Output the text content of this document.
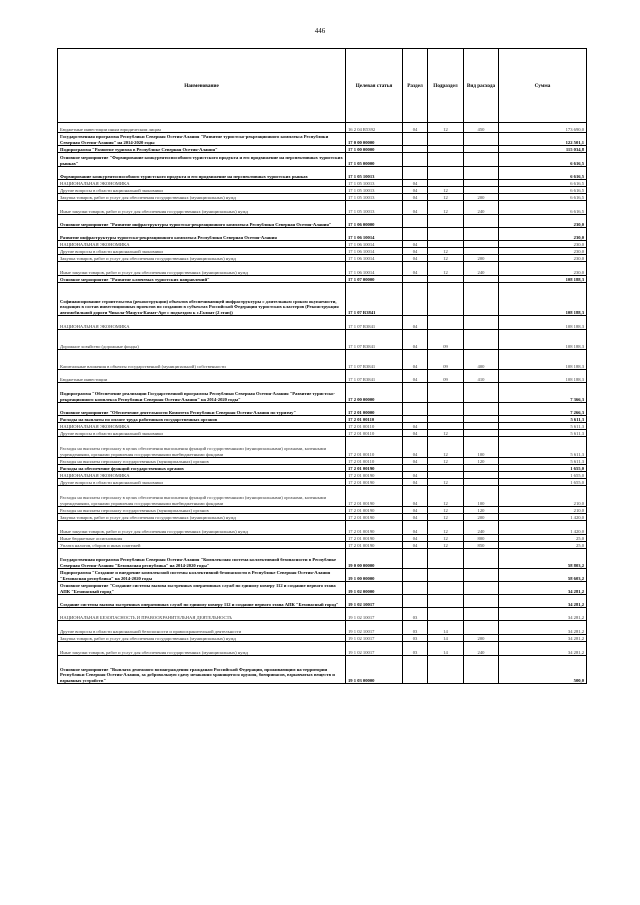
446
Наименование	Целевая статья	Раздел	Подраздел	Вид расхода	Сумма
Бюджетные инвестиции иным юридическим лицам	16 2 04 R5392	04	12	450	173 690,0
Государственная программа Республики Северная Осетия-Алания "Развитие туристско-рекреационного комплекса Республики Северная Осетия-Алания" на 2014-2020 годы	17 0 00 00000				122 501,1
Подпрограмма "Развитие туризма в Республике Северная Осетия-Алания"	17 1 00 00000				115 034,8
Основное мероприятие "Формирование конкурентоспособного туристского продукта и его продвижение на перспективных туристских рынках"	17 1 05 00000				6 616,5
Формирование конкурентоспособного туристского продукта и его продвижение на перспективных туристских рынках	17 1 05 10013				6 616,5
НАЦИОНАЛЬНАЯ ЭКОНОМИКА	17 1 05 10013	04			6 616,5
Другие вопросы в области национальной экономики	17 1 05 10013	04	12		6 616,5
Закупка товаров, работ и услуг для обеспечения государственных (муниципальных) нужд	17 1 05 10013	04	12	200	6 616,5
Иные закупки товаров, работ и услуг для обеспечения государственных (муниципальных) нужд	17 1 05 10013	04	12	240	6 616,5
Основное мероприятие "Развитие инфраструктуры туристско-рекреационного комплекса Республики Северная Осетия-Алания"	17 1 06 00000				230,0
Развитие инфраструктуры туристско-рекреационного комплекса Республики Северная Осетия-Алания	17 1 06 10014				230,0
НАЦИОНАЛЬНАЯ ЭКОНОМИКА	17 1 06 10014	04			230,0
Другие вопросы в области национальной экономики	17 1 06 10014	04	12		230,0
Закупка товаров, работ и услуг для обеспечения государственных (муниципальных) нужд	17 1 06 10014	04	12	200	230,0
Иные закупки товаров, работ и услуг для обеспечения государственных (муниципальных) нужд	17 1 06 10014	04	12	240	230,0
Основное мероприятие "Развитие ключевых туристских направлений"	17 1 07 00000				108 188,3
Софинансирование строительства (реконструкции) объектов обеспечивающей инфраструктуры с длительным сроком окупаемости, входящих в состав инвестиционных проектов по созданию в субъектах Российской Федерации туристских кластеров (Реконструкция автомобильной дороги Чикола-Мацута-Камат-Арт с подъездом к с.Галиат (2 этап))	17 1 07 R3841				108 188,3
НАЦИОНАЛЬНАЯ ЭКОНОМИКА	17 1 07 R3841	04			108 188,3
Дорожное хозяйство (дорожные фонды)	17 1 07 R3841	04	09		108 188,3
Капитальные вложения в объекты государственной (муниципальной) собственности	17 1 07 R3841	04	09	400	108 188,3
Бюджетные инвестиции	17 1 07 R3841	04	09	410	108 188,3
Подпрограмма "Обеспечение реализации Государственной программы Республики Северная Осетия-Алания "Развитие туристско-рекреационного комплекса Республики Северная Осетия-Алания" на 2014-2020 годы"	17 2 00 00000				7 366,3
Основное мероприятие "Обеспечение деятельности Комитета Республики Северная Осетия-Алания по туризму"	17 2 01 00000				7 266,3
Расходы на выплаты по оплате труда работников государственных органов	17 2 01 00110				5 611,3
НАЦИОНАЛЬНАЯ ЭКОНОМИКА	17 2 01 00110	04			5 611,3
Другие вопросы в области национальной экономики	17 2 01 00110	04	12		5 611,3
Расходы на выплаты персоналу в целях обеспечения выполнения функций государственными (муниципальными) органами, казенными учреждениями, органами управления государственными внебюджетными фондами	17 2 01 00110	04	12	100	5 611,3
Расходы на выплаты персоналу государственных (муниципальных) органов	17 2 01 00110	04	12	120	5 611,3
Расходы на обеспечение функций государственных органов	17 2 01 00190				1 655,0
НАЦИОНАЛЬНАЯ ЭКОНОМИКА	17 2 01 00190	04			1 655,0
Другие вопросы в области национальной экономики	17 2 01 00190	04	12		1 655,0
Расходы на выплаты персоналу в целях обеспечения выполнения функций государственными (муниципальными) органами, казенными учреждениями, органами управления государственными внебюджетными фондами	17 2 01 00190	04	12	100	210,0
Расходы на выплаты персоналу государственных (муниципальных) органов	17 2 01 00190	04	12	120	210,0
Закупка товаров, работ и услуг для обеспечения государственных (муниципальных) нужд	17 2 01 00190	04	12	200	1 420,0
Иные закупки товаров, работ и услуг для обеспечения государственных (муниципальных) нужд	17 2 01 00190	04	12	240	1 420,0
Иные бюджетные ассигнования	17 2 01 00190	04	12	800	25,0
Уплата налогов, сборов и иных платежей	17 2 01 00190	04	12	850	25,0
Государственная программа Республики Северная Осетия-Алания "Комплексная система коллективной безопасности в Республике Северная Осетия-Алания "Безопасная республика" на 2014-2020 годы"	19 0 00 00000				58 803,2
Подпрограмма "Создание и внедрение комплексной системы коллективной безопасности в Республике Северная Осетия-Алания "Безопасная республика" на 2014-2020 годы	19 1 00 00000				58 603,2
Основное мероприятие "Создание системы вызова экстренных оперативных служб по единому номеру 112 и создание первого этапа АПК "Безопасный город"	19 1 02 00000				34 281,2
Создание системы вызова экстренных оперативных служб по единому номеру 112 и создание первого этапа АПК "Безопасный город"	19 1 02 10017				34 281,2
НАЦИОНАЛЬНАЯ БЕЗОПАСНОСТЬ И ПРАВООХРАНИТЕЛЬНАЯ ДЕЯТЕЛЬНОСТЬ	19 1 02 10017	03			34 281,2
Другие вопросы в области национальной безопасности и правоохранительной деятельности	19 1 02 10017	03	14		34 281,2
Закупка товаров, работ и услуг для обеспечения государственных (муниципальных) нужд	19 1 02 10017	03	14	200	34 281,2
Иные закупки товаров, работ и услуг для обеспечения государственных (муниципальных) нужд	19 1 02 10017	03	14	240	34 281,2
Основное мероприятие "Выплата денежного вознаграждения гражданам Российской Федерации, проживающим на территории Республики Северная Осетия-Алания, за добровольную сдачу незаконно хранящегося оружия, боеприпасов, взрывчатых веществ и взрывных устройств"	19 1 03 00000				500,0
